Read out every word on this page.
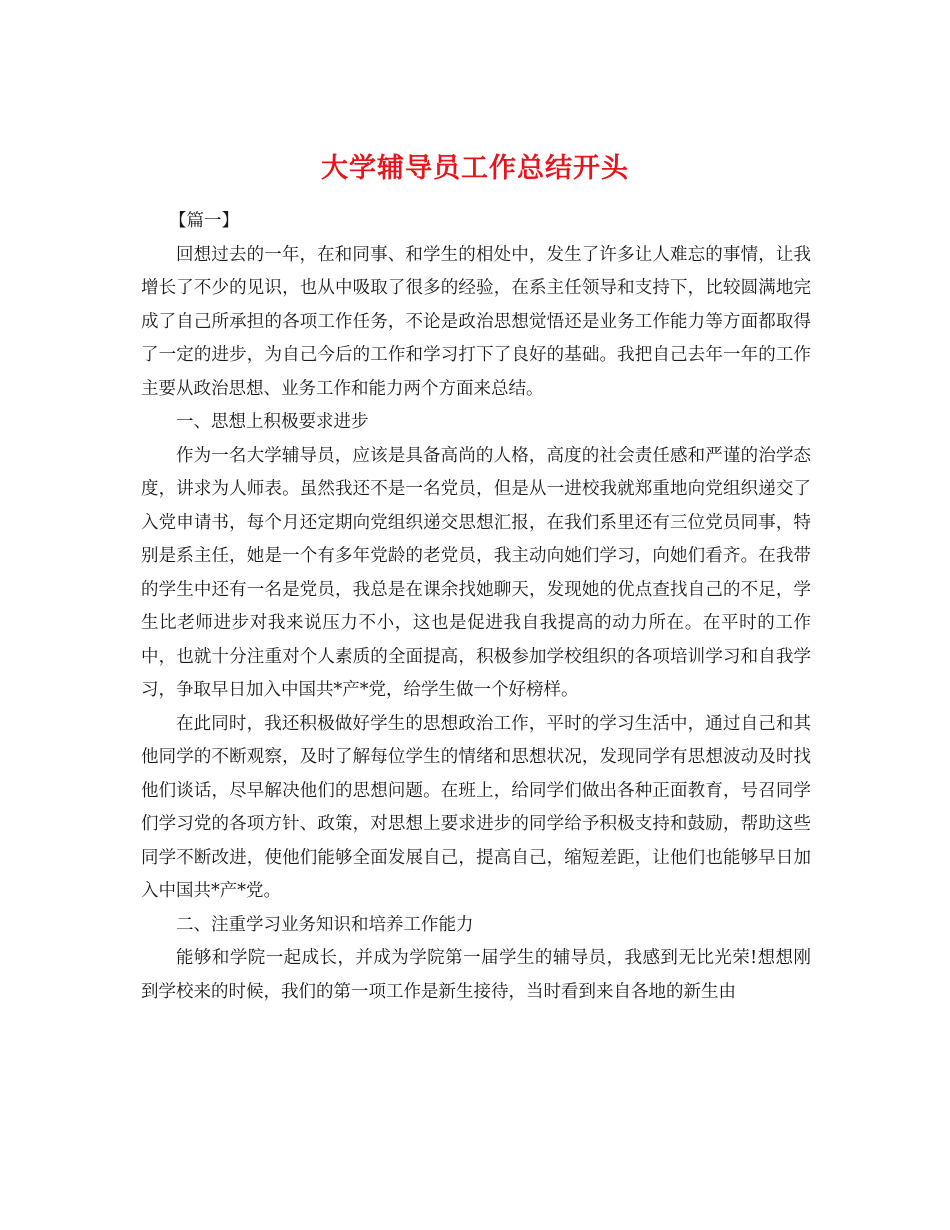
大学辅导员工作总结开头

【篇一】

回想过去的一年，在和同事、和学生的相处中，发生了许多让人难忘的事情，让我增长了不少的见识，也从中吸取了很多的经验，在系主任领导和支持下，比较圆满地完成了自己所承担的各项工作任务，不论是政治思想觉悟还是业务工作能力等方面都取得了一定的进步，为自己今后的工作和学习打下了良好的基础。我把自己去年一年的工作主要从政治思想、业务工作和能力两个方面来总结。

一、思想上积极要求进步

作为一名大学辅导员，应该是具备高尚的人格，高度的社会责任感和严谨的治学态度，讲求为人师表。虽然我还不是一名党员，但是从一进校我就郑重地向党组织递交了入党申请书，每个月还定期向党组织递交思想汇报，在我们系里还有三位党员同事，特别是系主任，她是一个有多年党龄的老党员，我主动向她们学习，向她们看齐。在我带的学生中还有一名是党员，我总是在课余找她聊天，发现她的优点查找自己的不足，学生比老师进步对我来说压力不小，这也是促进我自我提高的动力所在。在平时的工作中，也就十分注重对个人素质的全面提高，积极参加学校组织的各项培训学习和自我学习，争取早日加入中国共*产*党，给学生做一个好榜样。

在此同时，我还积极做好学生的思想政治工作，平时的学习生活中，通过自己和其他同学的不断观察，及时了解每位学生的情绪和思想状况，发现同学有思想波动及时找他们谈话，尽早解决他们的思想问题。在班上，给同学们做出各种正面教育，号召同学们学习党的各项方针、政策，对思想上要求进步的同学给予积极支持和鼓励，帮助这些同学不断改进，使他们能够全面发展自己，提高自己，缩短差距，让他们也能够早日加入中国共*产*党。

二、注重学习业务知识和培养工作能力

能够和学院一起成长，并成为学院第一届学生的辅导员，我感到无比光荣!想想刚到学校来的时候，我们的第一项工作是新生接待，当时看到来自各地的新生由
